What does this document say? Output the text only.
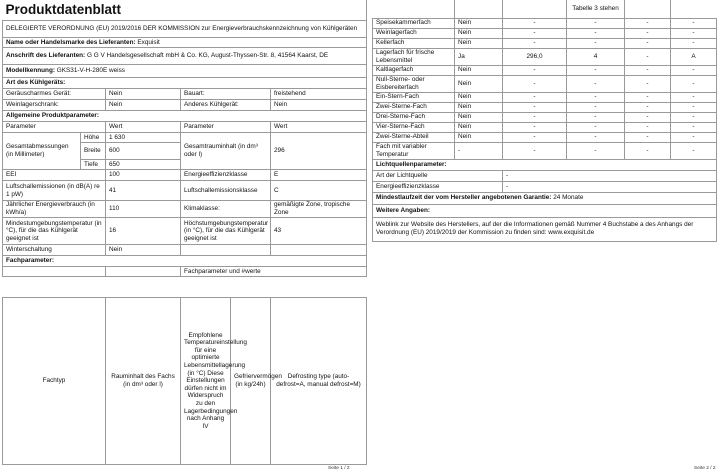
Produktdatenblatt				
DELEGIERTE VERORDNUNG (EU) 2019/2016 DER KOMMISSION zur Energieverbrauchskennzeichnung von Kühlgeräten				
Name oder Handelsmarke des Lieferanten: Exquisit				
Anschrift des Lieferanten: G G V Handelsgesellschaft mbH & Co. KG, August-Thyssen-Str. 8, 41564 Kaarst, DE				
Modellkennung: GKS31-V-H-280E weiss				
Art des Kühlgeräts:				
Geräuscharmes Gerät:		Nein	Bauart:	freistehend
Weinlagerschrank:		Nein	Anderes Kühlgerät:	Nein
Allgemeine Produktparameter:				
Parameter		Wert	Parameter	Wert
Gesamtabmessungen (in Millimeter)	Höhe	1 630	Gesamtrauminhalt (in dm³ oder l)	296
	Breite	600		
	Tiefe	650		
EEI		100	Energieeffizienzklasse	E
Luftschallemissionen (in dB(A) re 1 pW)		41	Luftschallemissionsklasse	C
Jährlicher Energieverbrauch (in kWh/a)		110	Klimaklasse:	gemäßigte Zone, tropische Zone
Mindestumgebungstemperatur (in °C), für die das Kühlgerät geeignet ist		16	Höchstumgebungstemperatur (in °C), für die das Kühlgerät geeignet ist	43
Winterschaltung		Nein		
Fachparameter:				
			Fachparameter und #werte	
Fachtyp	Rauminhalt des Fachs (in dm³ oder l)	Empfohlene Temperatureinstellung für eine optimierte Lebensmittellagerung (in °C) Diese Einstellungen dürfen nicht im Widerspruch zu den Lagerbedingungen nach Anhang IV	Gefriervermögen (in kg/24h)	Defrosting type (auto-defrost=A, manual defrost=M)
Seite 1 / 2
			Tabelle 3 stehen		
Speisekammerfach	Nein	-	-	-	-
Weinlagerfach	Nein	-	-	-	-
Kellerfach	Nein	-	-	-	-
Lagerfach für frische Lebensmittel	Ja	296,0	4	-	A
Kaltlagerfach	Nein	-	-	-	-
Null-Sterne- oder Eisbereiterfach	Nein	-	-	-	-
Ein-Stern-Fach	Nein	-	-	-	-
Zwei-Sterne-Fach	Nein	-	-	-	-
Drei-Sterne-Fach	Nein	-	-	-	-
Vier-Sterne-Fach	Nein	-	-	-	-
Zwei-Sterne-Abteil	Nein	-	-	-	-
Fach mit variabler Temperatur	-	-	-	-	-
Lichtquellenparameter:					
Art der Lichtquelle		-			
Energieeffizienzklasse		-			
Mindestlaufzeit der vom Hersteller angebotenen Garantie: 24 Monate					
Weitere Angaben:					
Weblink zur Website des Herstellers, auf der die Informationen gemäß Nummer 4 Buchstabe a des Anhangs der Verordnung (EU) 2019/2019 der Kommission zu finden sind: www.exquisit.de					
Seite 2 / 2
